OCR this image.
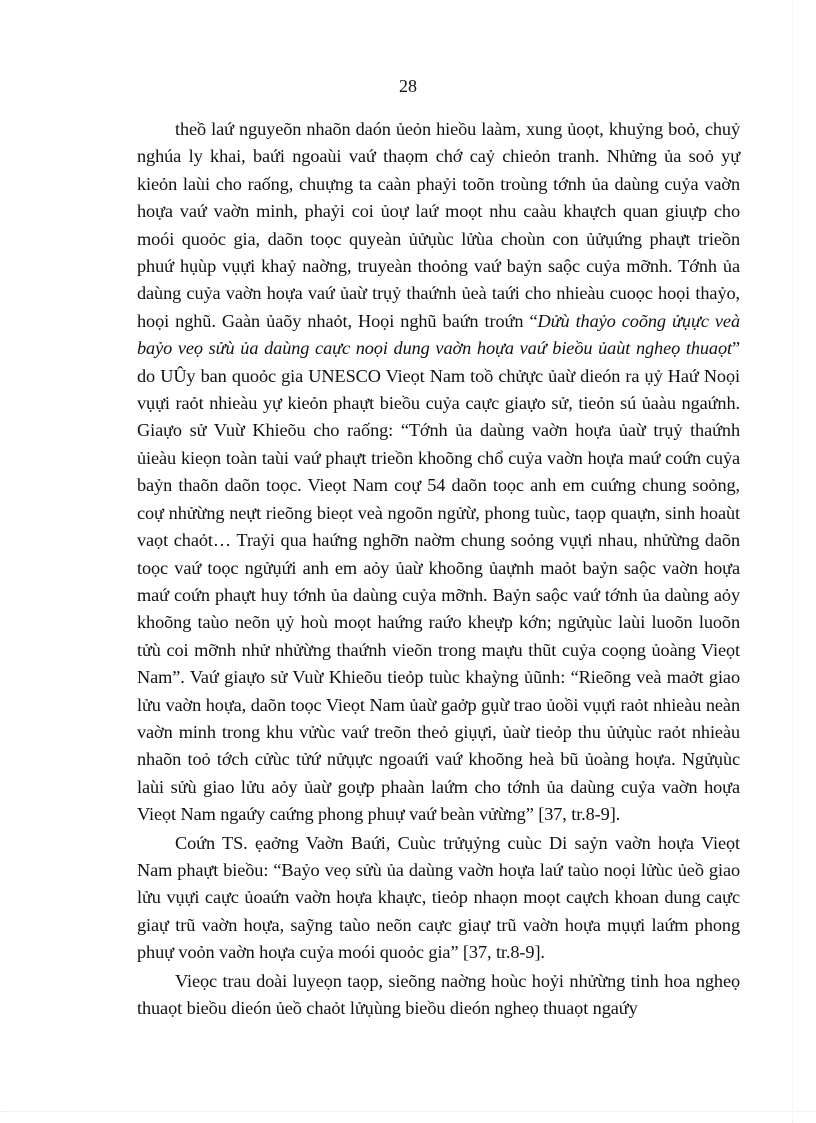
28

theồ laứ nguyeõn nhaõn daón ủeỏn hieồu laàm, xung ủoọt, khuỷng boỏ, chuỷ nghúa ly khai, baứi ngoaùi vaứ thaọm chớ caỷ chieỏn tranh. Nhửng ủa soỏ yự kieỏn laùi cho raống, chuựng ta caàn phaỷi toõn troùng tớnh ủa daùng cuỷa vaờn hoựa vaứ vaờn minh, phaỷi coi ủoự laứ moọt nhu caàu khaựch quan giuựp cho moói quoỏc gia, daõn toọc quyeàn ủửụùc lửùa choùn con ủửụứng phaựt trieồn phuứ hụùp vụựi khaỷ naờng, truyeàn thoỏng vaứ baỷn saộc cuỷa mỡnh. Tớnh ủa daùng cuỷa vaờn hoựa vaứ ủaừ trụỷ thaứnh ủeà taứi cho nhieàu cuoọc hoọi thaỷo, hoọi nghũ. Gaàn ủaõy nhaỏt, Hoọi nghũ baứn troứn “Dửù thaỷo coõng ửụực veà baỷo veọ sửù ủa daùng caực noọi dung vaờn hoựa vaứ bieồu ủaùt ngheọ thuaọt” do UÛy ban quoỏc gia UNESCO Vieọt Nam toồ chửực ủaừ dieón ra ụỷ Haứ Noọi vụựi raỏt nhieàu yự kieỏn phaựt bieồu cuỷa caực giaựo sử, tieỏn sú ủaàu ngaứnh. Giaựo sử Vuừ Khieõu cho raống: “Tớnh ủa daùng vaờn hoựa ủaừ trụỷ thaứnh ủieàu kieọn toàn taùi vaứ phaựt trieồn khoõng chổ cuỷa vaờn hoựa maứ coứn cuỷa baỷn thaõn daõn toọc. Vieọt Nam coự 54 daõn toọc anh em cuứng chung soỏng, coự nhửừng neựt rieõng bieọt veà ngoõn ngửừ, phong tuùc, taọp quaựn, sinh hoaùt vaọt chaỏt… Traỷi qua haứng nghỡn naờm chung soỏng vụựi nhau, nhửừng daõn toọc vaứ toọc ngửụứi anh em aỏy ủaừ khoõng ủaựnh maỏt baỷn saộc vaờn hoựa maứ coứn phaựt huy tớnh ủa daùng cuỷa mỡnh. Baỷn saộc vaứ tớnh ủa daùng aỏy khoõng taùo neõn ụỷ hoù moọt haứng raứo kheựp kớn; ngửụùc laùi luoõn luoõn tửù coi mỡnh nhử nhửừng thaứnh vieõn trong maựu thũt cuỷa coọng ủoàng Vieọt Nam”. Vaứ giaựo sử Vuừ Khieõu tieỏp tuùc khaỳng ủũnh: “Rieõng veà maởt giao lửu vaờn hoựa, daõn toọc Vieọt Nam ủaừ gaởp gụừ trao ủoồi vụựi raỏt nhieàu neàn vaờn minh trong khu vửùc vaứ treõn theỏ giụựi, ủaừ tieỏp thu ủửụùc raỏt nhieàu nhaõn toỏ tớch cửùc tửứ nửụực ngoaứi vaứ khoõng heà bũ ủoàng hoựa. Ngửụùc laùi sửù giao lửu aỏy ủaừ goựp phaàn laứm cho tớnh ủa daùng cuỷa vaờn hoựa Vieọt Nam ngaứy caứng phong phuự vaứ beàn vửừng” [37, tr.8-9].

Coứn TS. ẹaởng Vaờn Baứi, Cuùc trửụỷng cuùc Di saỷn vaờn hoựa Vieọt Nam phaựt bieồu: “Baỷo veọ sửù ủa daùng vaờn hoựa laứ taùo noọi lửùc ủeồ giao lửu vụựi caực ủoaứn vaờn hoựa khaực, tieỏp nhaọn moọt caựch khoan dung caực giaự trũ vaờn hoựa, saỹng taùo neõn caực giaự trũ vaờn hoựa mụựi laứm phong phuự voỏn vaờn hoựa cuỷa moói quoỏc gia” [37, tr.8-9].

Vieọc trau doài luyeọn taọp, sieõng naờng hoùc hoỷi nhửừng tinh hoa ngheọ thuaọt bieồu dieón ủeồ chaỏt lửụùng bieồu dieón ngheọ thuaọt ngaứy
